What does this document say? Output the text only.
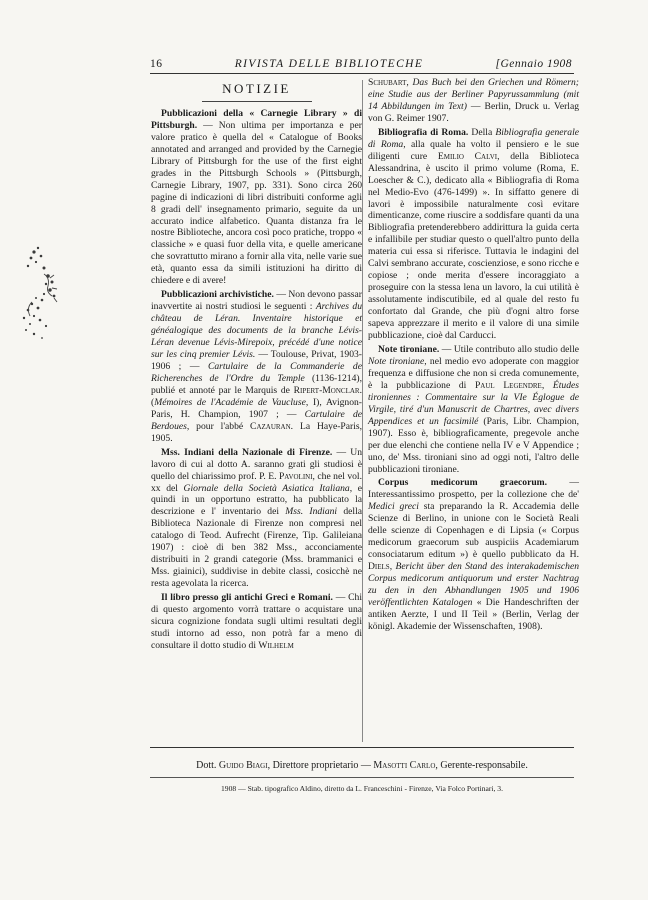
16	RIVISTA DELLE BIBLIOTECHE	[Gennaio 1908
NOTIZIE

Pubblicazioni della « Carnegie Library » di Pittsburgh. — Non ultima per importanza e per valore pratico è quella del « Catalogue of Books annotated and arranged and provided by the Carnegie Library of Pittsburgh for the use of the first eight grades in the Pittsburgh Schools » (Pittsburgh, Carnegie Library, 1907, pp. 331). Sono circa 260 pagine di indicazioni di libri distribuiti conforme agli 8 gradi dell' insegnamento primario, seguite da un accurato indice alfabetico. Quanta distanza fra le nostre Biblioteche, ancora così poco pratiche, troppo « classiche » e quasi fuor della vita, e quelle americane che sovrattutto mirano a fornir alla vita, nelle varie sue età, quanto essa da simili istituzioni ha diritto di chiedere e di avere!

Pubblicazioni archivistiche. — Non devono passar inavvertite ai nostri studiosi le seguenti : Archives du château de Léran. Inventaire historique et généalogique des documents de la branche Lévis-Léran devenue Lévis-Mirepoix, précédé d'une notice sur les cinq premier Lévis. — Toulouse, Privat, 1903-1906 ; — Cartulaire de la Commanderie de Richerenches de l'Ordre du Temple (1136-1214), publié et annoté par le Marquis de Ripert-Monclar. (Mémoires de l'Académie de Vaucluse, I), Avignon-Paris, H. Champion, 1907 ; — Cartulaire de Berdoues, pour l'abbé Cazauran. La Haye-Paris, 1905.

Mss. Indiani della Nazionale di Firenze. — Un lavoro di cui al dotto A. saranno grati gli studiosi è quello del chiarissimo prof. P. E. Pavolini, che nel vol. xx del Giornale della Società Asiatica Italiana, e quindi in un opportuno estratto, ha pubblicato la descrizione e l' inventario dei Mss. Indiani della Biblioteca Nazionale di Firenze non compresi nel catalogo di Teod. Aufrecht (Firenze, Tip. Galileiana 1907) : cioè di ben 382 Mss., acconciamente distribuiti in 2 grandi categorie (Mss. brammanici e Mss. giainici), suddivise in debite classi, cosicchè ne resta agevolata la ricerca.

Il libro presso gli antichi Greci e Romani. — Chi di questo argomento vorrà trattare o acquistare una sicura cognizione fondata sugli ultimi resultati degli studi intorno ad esso, non potrà far a meno di consultare il dotto studio di Wilhelm

Schubart, Das Buch bei den Griechen und Römern; eine Studie aus der Berliner Papyrussammlung (mit 14 Abbildungen im Text) — Berlin, Druck u. Verlag von G. Reimer 1907.

Bibliografia di Roma. Della Bibliografia generale di Roma, alla quale ha volto il pensiero e le sue diligenti cure Emilio Calvi, della Biblioteca Alessandrina, è uscito il primo volume (Roma, E. Loescher & C.), dedicato alla « Bibliografia di Roma nel Medio-Evo (476-1499) ». In siffatto genere di lavori è impossibile naturalmente così evitare dimenticanze, come riuscire a soddisfare quanti da una Bibliografia pretenderebbero addirittura la guida certa e infallibile per studiar questo o quell'altro punto della materia cui essa si riferisce. Tuttavia le indagini del Calvi sembrano accurate, coscienziose, e sono ricche e copiose ; onde merita d'essere incoraggiato a proseguire con la stessa lena un lavoro, la cui utilità è assolutamente indiscutibile, ed al quale del resto fu confortato dal Grande, che più d'ogni altro forse sapeva apprezzare il merito e il valore di una simile pubblicazione, cioè dal Carducci.

Note tironiane. — Utile contributo allo studio delle Note tironiane, nel medio evo adoperate con maggior frequenza e diffusione che non si creda comunemente, è la pubblicazione di Paul Legendre, Études tironiennes : Commentaire sur la VIe Églogue de Virgile, tiré d'un Manuscrit de Chartres, avec divers Appendices et un facsimilé (Paris, Libr. Champion, 1907). Esso è, bibliograficamente, pregevole anche per due elenchi che contiene nella IV e V Appendice ; uno, de' Mss. tironiani sino ad oggi noti, l'altro delle pubblicazioni tironiane.

Corpus medicorum graecorum. — Interessantissimo prospetto, per la collezione che de' Medici greci sta preparando la R. Accademia delle Scienze di Berlino, in unione con le Società Reali delle scienze di Copenhagen e di Lipsia (« Corpus medicorum graecorum sub auspiciis Academiarum consociatarum editum ») è quello pubblicato da H. Diels, Bericht über den Stand des interakademischen Corpus medicorum antiquorum und erster Nachtrag zu den in den Abhandlungen 1905 und 1906 veröffentlichten Katalogen « Die Handeschriften der antiken Aerzte, I und II Teil » (Berlin, Verlag der königl. Akademie der Wissenschaften, 1908).

Dott. Guido Biagi, Direttore proprietario — Masotti Carlo, Gerente-responsabile.
1908 — Stab. tipografico Aldino, diretto da L. Franceschini - Firenze, Via Folco Portinari, 3.
